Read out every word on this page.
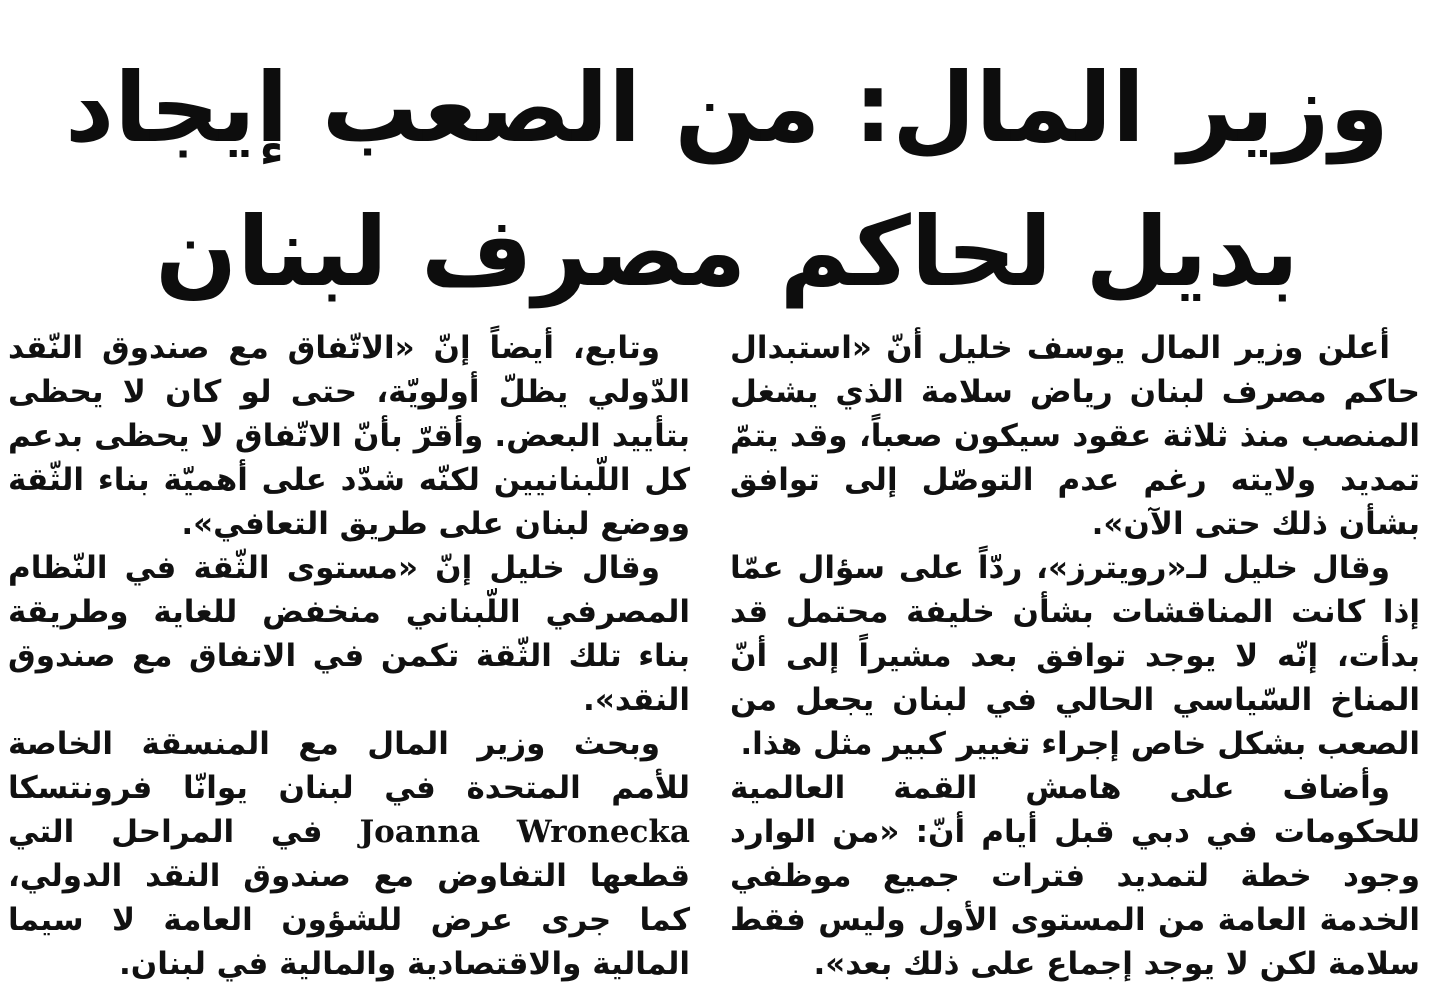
وزير المال: من الصعب إيجاد
بديل لحاكم مصرف لبنان

أعلن وزير المال يوسف خليل أنّ «استبدال حاكم مصرف لبنان رياض سلامة الذي يشغل المنصب منذ ثلاثة عقود سيكون صعباً، وقد يتمّ تمديد ولايته رغم عدم التوصّل إلى توافق بشأن ذلك حتى الآن».

وقال خليل لـ«رويترز»، ردّاً على سؤال عمّا إذا كانت المناقشات بشأن خليفة محتمل قد بدأت، إنّه لا يوجد توافق بعد مشيراً إلى أنّ المناخ السّياسي الحالي في لبنان يجعل من الصعب بشكل خاص إجراء تغيير كبير مثل هذا.

وأضاف على هامش القمة العالمية للحكومات في دبي قبل أيام أنّ: «من الوارد وجود خطة لتمديد فترات جميع موظفي الخدمة العامة من المستوى الأول وليس فقط سلامة لكن لا يوجد إجماع على ذلك بعد».

وتابع، أيضاً إنّ «الاتّفاق مع صندوق النّقد الدّولي يظلّ أولويّة، حتى لو كان لا يحظى بتأييد البعض. وأقرّ بأنّ الاتّفاق لا يحظى بدعم كل اللّبنانيين لكنّه شدّد على أهميّة بناء الثّقة ووضع لبنان على طريق التعافي».

وقال خليل إنّ «مستوى الثّقة في النّظام المصرفي اللّبناني منخفض للغاية وطريقة بناء تلك الثّقة تكمن في الاتفاق مع صندوق النقد».

وبحث وزير المال مع المنسقة الخاصة للأمم المتحدة في لبنان يوانّا فرونتسكا Joanna Wronecka في المراحل التي قطعها التفاوض مع صندوق النقد الدولي، كما جرى عرض للشؤون العامة لا سيما المالية والاقتصادية والمالية في لبنان.
